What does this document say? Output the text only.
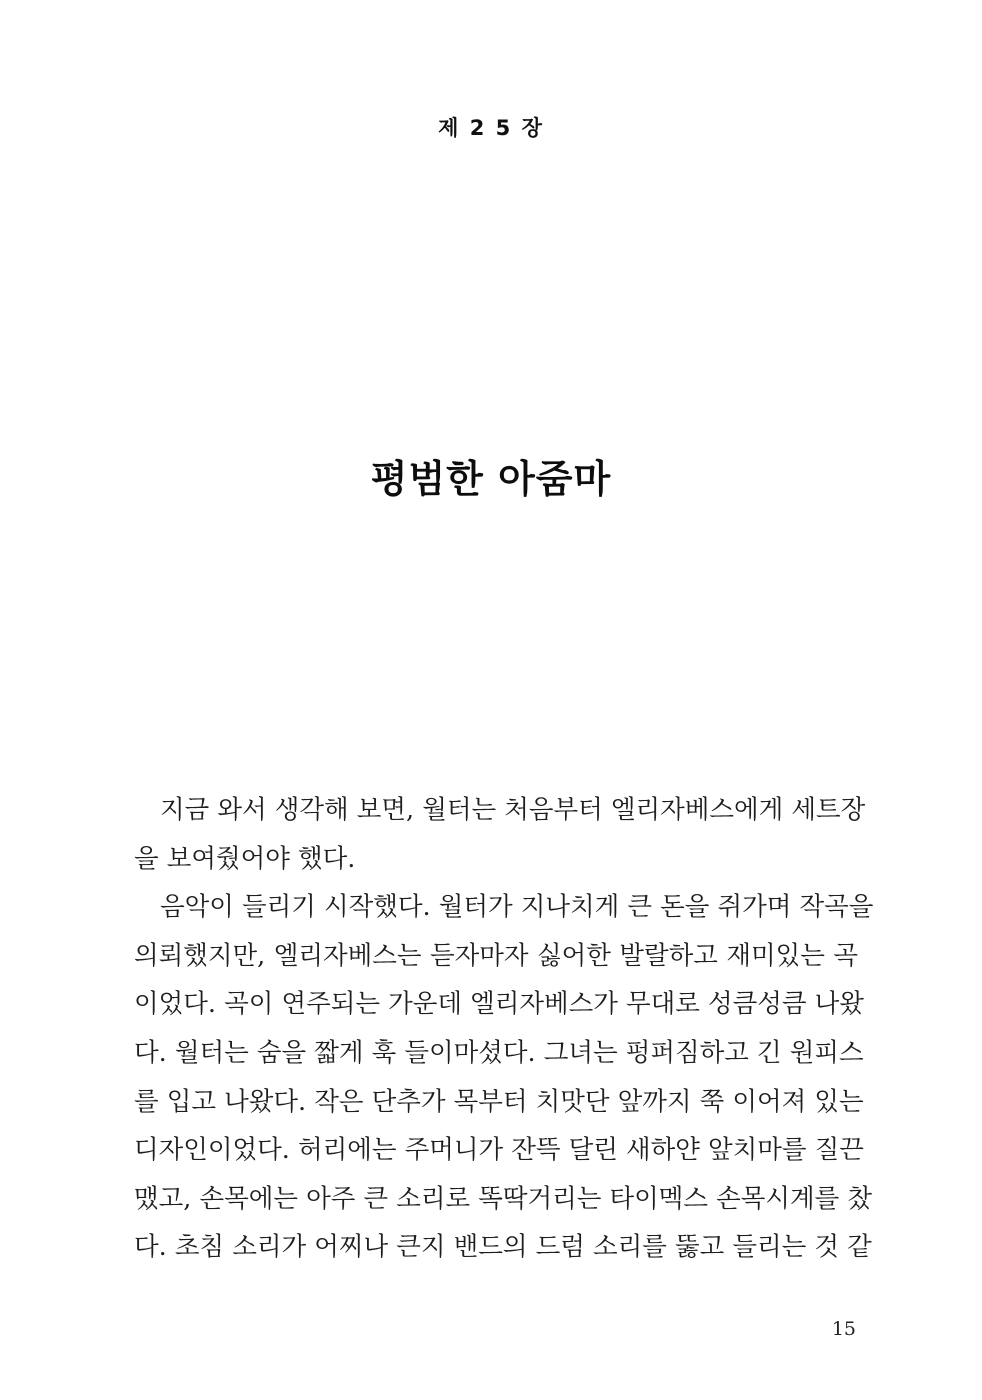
제 2 5 장
평범한 아줌마

지금 와서 생각해 보면, 월터는 처음부터 엘리자베스에게 세트장
을 보여줬어야 했다.

음악이 들리기 시작했다. 월터가 지나치게 큰 돈을 쥐가며 작곡을
의뢰했지만, 엘리자베스는 듣자마자 싫어한 발랄하고 재미있는 곡
이었다. 곡이 연주되는 가운데 엘리자베스가 무대로 성큼성큼 나왔
다. 월터는 숨을 짧게 훅 들이마셨다. 그녀는 펑퍼짐하고 긴 원피스
를 입고 나왔다. 작은 단추가 목부터 치맛단 앞까지 쭉 이어져 있는
디자인이었다. 허리에는 주머니가 잔뜩 달린 새하얀 앞치마를 질끈
맸고, 손목에는 아주 큰 소리로 똑딱거리는 타이멕스 손목시계를 찼
다. 초침 소리가 어찌나 큰지 밴드의 드럼 소리를 뚫고 들리는 것 같

15
